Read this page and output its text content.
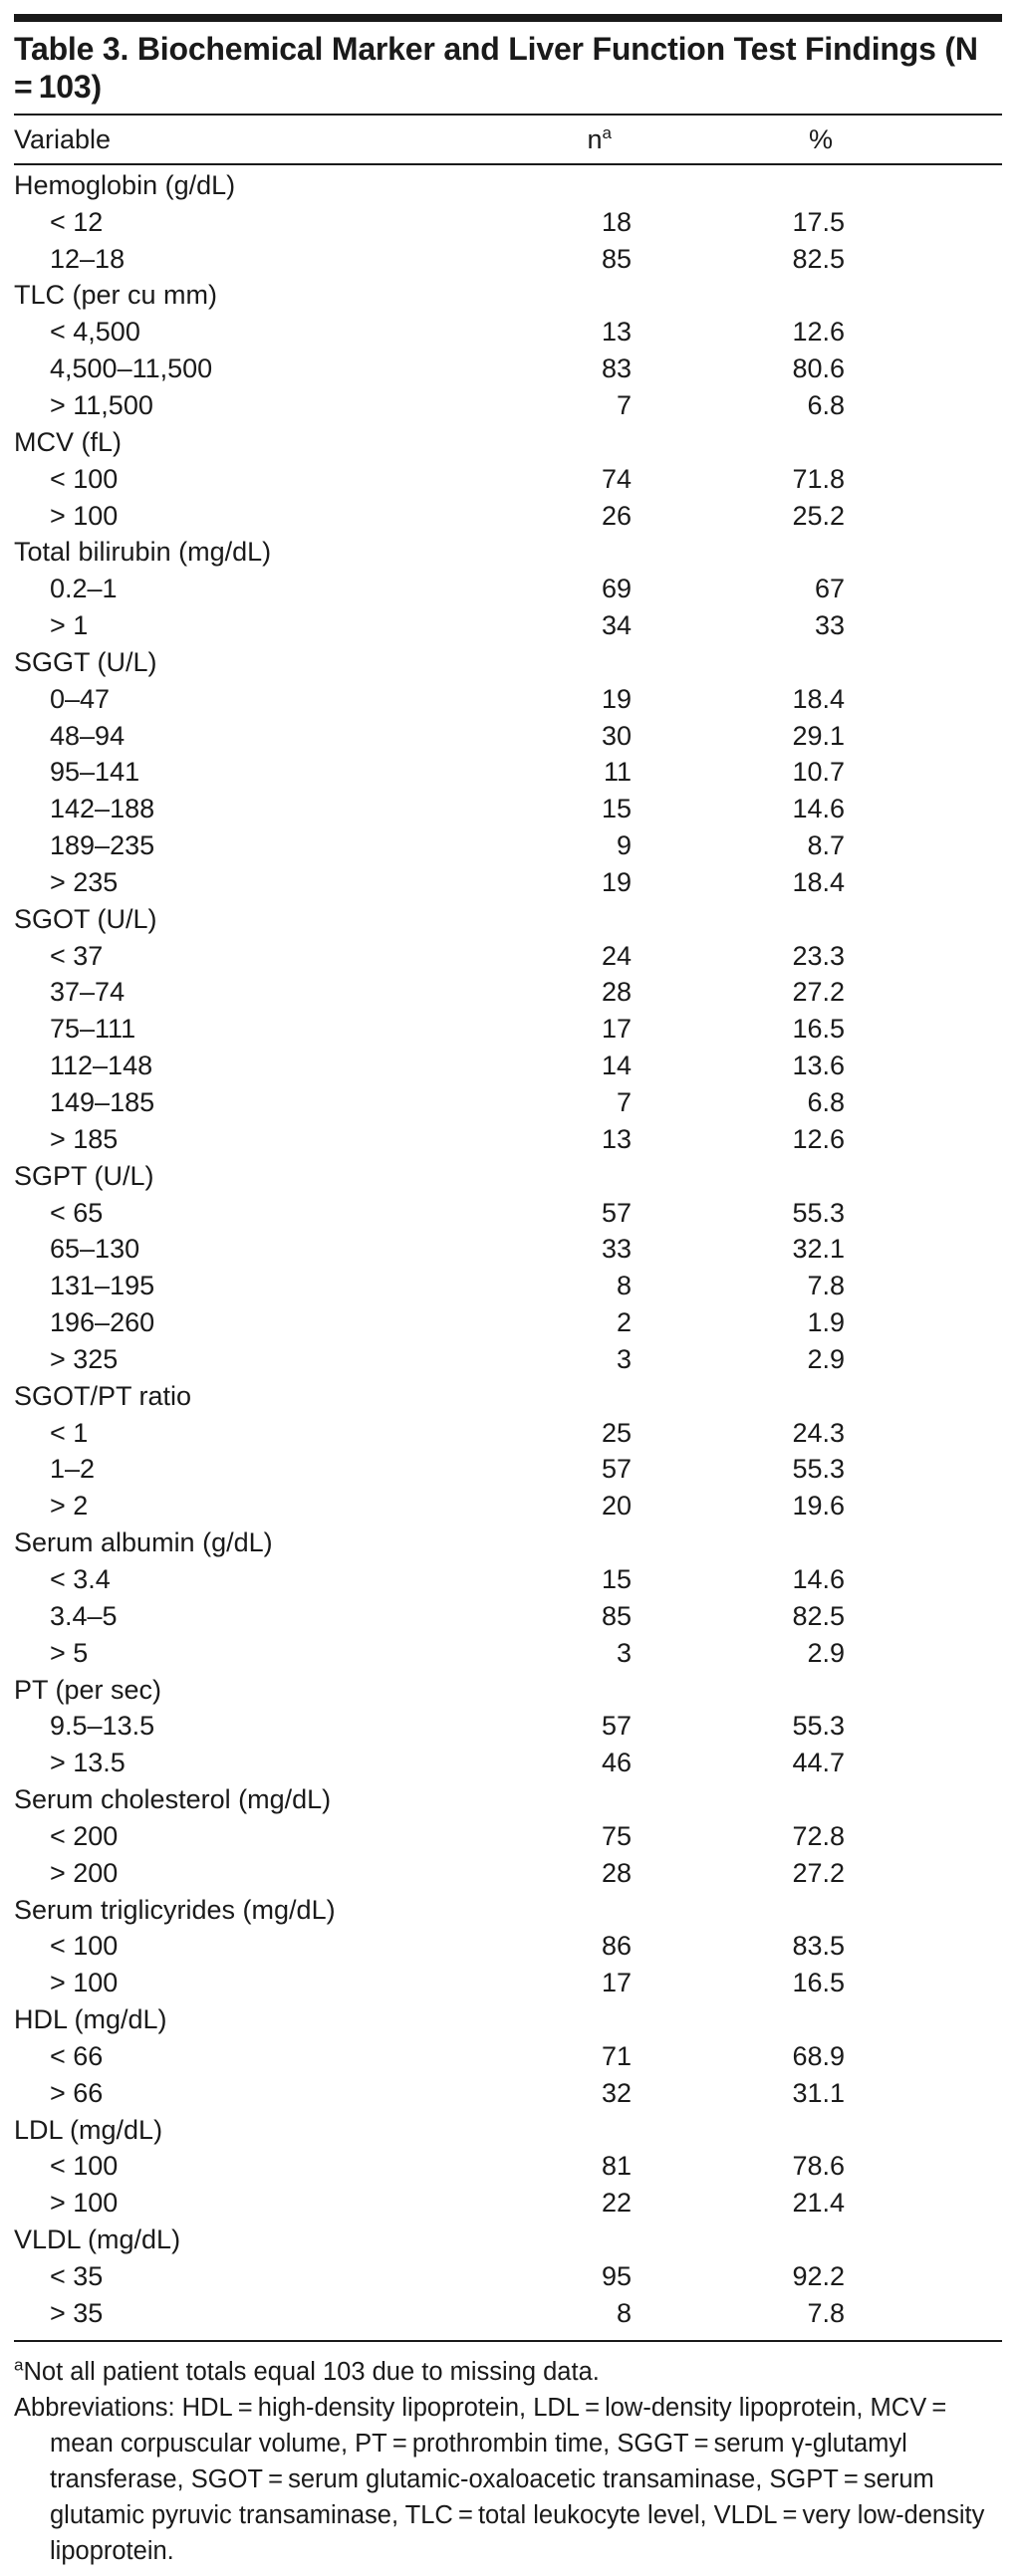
Table 3. Biochemical Marker and Liver Function Test Findings (N = 103)
Variable	$n^a$	%
Hemoglobin (g/dL)
< 12	18	17.5
12–18	85	82.5
TLC (per cu mm)
< 4,500	13	12.6
4,500–11,500	83	80.6
> 11,500	7	6.8
MCV (fL)
< 100	74	71.8
> 100	26	25.2
Total bilirubin (mg/dL)
0.2–1	69	67
> 1	34	33
SGGT (U/L)
0–47	19	18.4
48–94	30	29.1
95–141	11	10.7
142–188	15	14.6
189–235	9	8.7
> 235	19	18.4
SGOT (U/L)
< 37	24	23.3
37–74	28	27.2
75–111	17	16.5
112–148	14	13.6
149–185	7	6.8
> 185	13	12.6
SGPT (U/L)
< 65	57	55.3
65–130	33	32.1
131–195	8	7.8
196–260	2	1.9
> 325	3	2.9
SGOT/PT ratio
< 1	25	24.3
1–2	57	55.3
> 2	20	19.6
Serum albumin (g/dL)
< 3.4	15	14.6
3.4–5	85	82.5
> 5	3	2.9
PT (per sec)
9.5–13.5	57	55.3
> 13.5	46	44.7
Serum cholesterol (mg/dL)
< 200	75	72.8
> 200	28	27.2
Serum triglicyrides (mg/dL)
< 100	86	83.5
> 100	17	16.5
HDL (mg/dL)
< 66	71	68.9
> 66	32	31.1
LDL (mg/dL)
< 100	81	78.6
> 100	22	21.4
VLDL (mg/dL)
< 35	95	92.2
> 35	8	7.8

$^a$Not all patient totals equal 103 due to missing data.

Abbreviations: HDL = high-density lipoprotein, LDL = low-density lipoprotein, MCV = mean corpuscular volume, PT = prothrombin time, SGGT = serum γ-glutamyl transferase, SGOT = serum glutamic-oxaloacetic transaminase, SGPT = serum glutamic pyruvic transaminase, TLC = total leukocyte level, VLDL = very low-density lipoprotein.
